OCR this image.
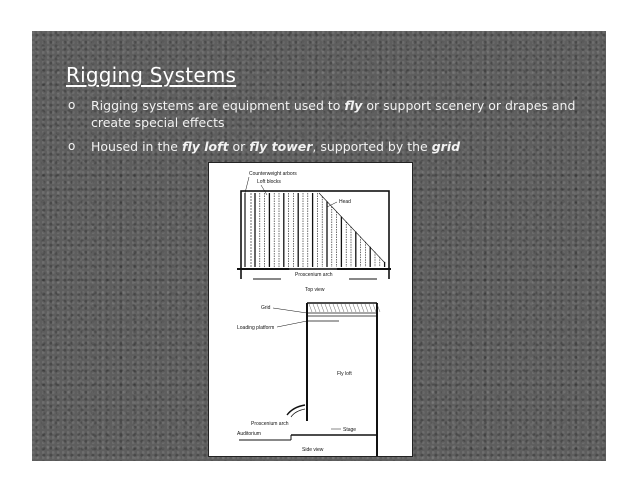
Rigging Systems
o Rigging systems are equipment used to fly or support scenery or drapes and create special effects
o Housed in the fly loft or fly tower, supported by the grid
Counterweight arbors
Loft blocks
Head
Proscenium arch
Top view
Grid
Loading platform
Fly loft
Proscenium arch
Auditorium
Stage
Side view
